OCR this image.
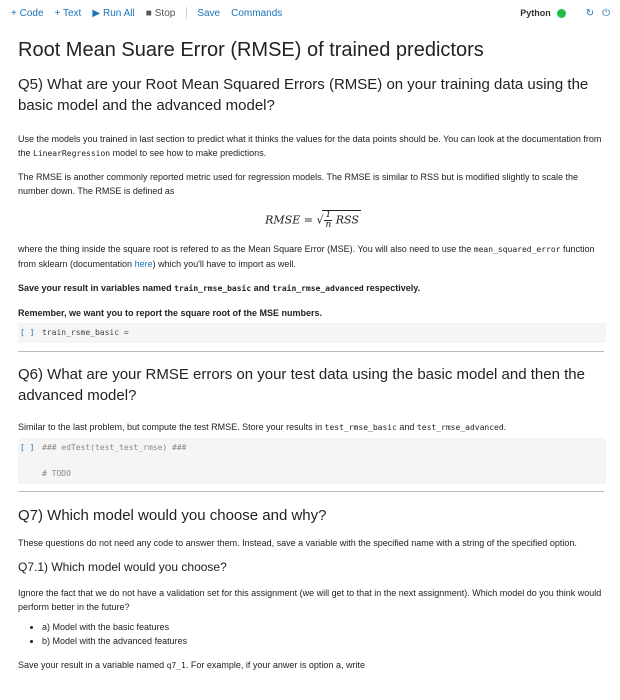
+ Code + Text ▶ Run All ■ Stop Save Commands	Python	↻ ⏻
Root Mean Suare Error (RMSE) of trained predictors
Q5) What are your Root Mean Squared Errors (RMSE) on your training data using the basic model and the advanced model?

Use the models you trained in last section to predict what it thinks the values for the data points should be. You can look at the documentation from the LinearRegression model to see how to make predictions.

The RMSE is another commonly reported metric used for regression models. The RMSE is similar to RSS but is modified slightly to scale the number down. The RMSE is defined as

RMSE = √ $\frac{1}{n}$ RSS

where the thing inside the square root is refered to as the Mean Square Error (MSE). You will also need to use the mean_squared_error function from sklearn (documentation here) which you'll have to import as well.

Save your result in variables named train_rmse_basic and train_rmse_advanced respectively.

Remember, we want you to report the square root of the MSE numbers.

[ ] train_rsme_basic =
Q6) What are your RMSE errors on your test data using the basic model and then the advanced model?

Similar to the last problem, but compute the test RMSE. Store your results in test_rmse_basic and test_rmse_advanced.

[ ] ### edTest(test_test_rmse) ###
# TODO
Q7) Which model would you choose and why?

These questions do not need any code to answer them. Instead, save a variable with the specified name with a string of the specified option.

Q7.1) Which model would you choose?

Ignore the fact that we do not have a validation set for this assignment (we will get to that in the next assignment). Which model do you think would perform better in the future?

• a) Model with the basic features
• b) Model with the advanced features

Save your result in a variable named q7_1. For example, if your anwer is option a, write
